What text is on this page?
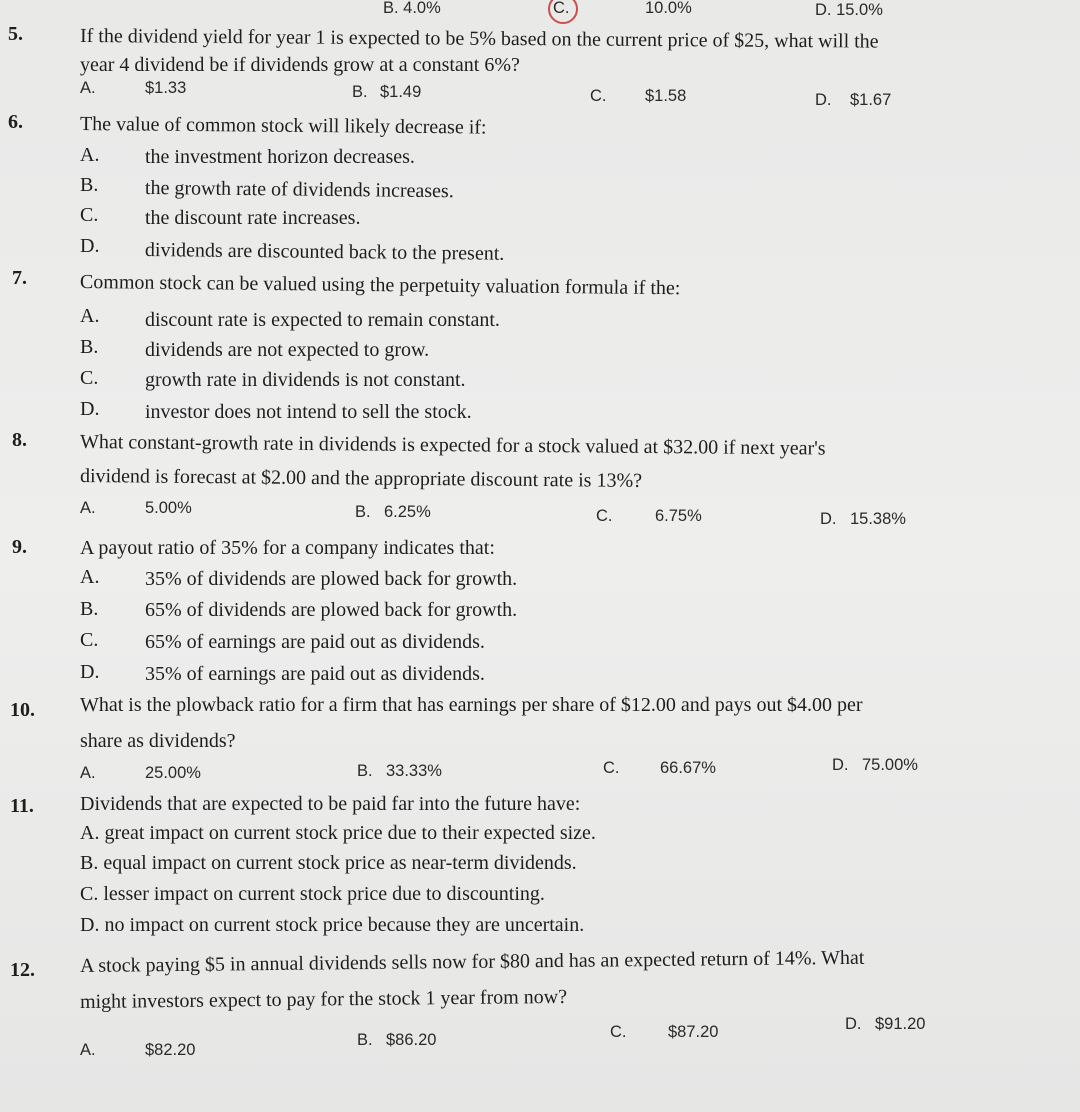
B. 4.0%	C.	10.0%	D. 15.0%
5.	If the dividend yield for year 1 is expected to be 5% based on the current price of $25, what will the
year 4 dividend be if dividends grow at a constant 6%?
A.	$1.33	B. $1.49	C. $1.58	D. $1.67
6.	The value of common stock will likely decrease if:
A. the investment horizon decreases.
B. the growth rate of dividends increases.
C. the discount rate increases.
D. dividends are discounted back to the present.
7.	Common stock can be valued using the perpetuity valuation formula if the:
A. discount rate is expected to remain constant.
B. dividends are not expected to grow.
C. growth rate in dividends is not constant.
D. investor does not intend to sell the stock.
8.	What constant-growth rate in dividends is expected for a stock valued at $32.00 if next year's
dividend is forecast at $2.00 and the appropriate discount rate is 13%?
A.	5.00%	B. 6.25%	C.	6.75%	D. 15.38%
9.	A payout ratio of 35% for a company indicates that:
A. 35% of dividends are plowed back for growth.
B. 65% of dividends are plowed back for growth.
C. 65% of earnings are paid out as dividends.
D. 35% of earnings are paid out as dividends.
10. What is the plowback ratio for a firm that has earnings per share of $12.00 and pays out $4.00 per
share as dividends?
A.	25.00%	B. 33.33%	C. 66.67%	D. 75.00%
11. Dividends that are expected to be paid far into the future have:
A. great impact on current stock price due to their expected size.
B. equal impact on current stock price as near-term dividends.
C. lesser impact on current stock price due to discounting.
D. no impact on current stock price because they are uncertain.
12. A stock paying $5 in annual dividends sells now for $80 and has an expected return of 14%. What
might investors expect to pay for the stock 1 year from now?
A.	$82.20
B. $86.20	C.	$87.20	D. $91.20
